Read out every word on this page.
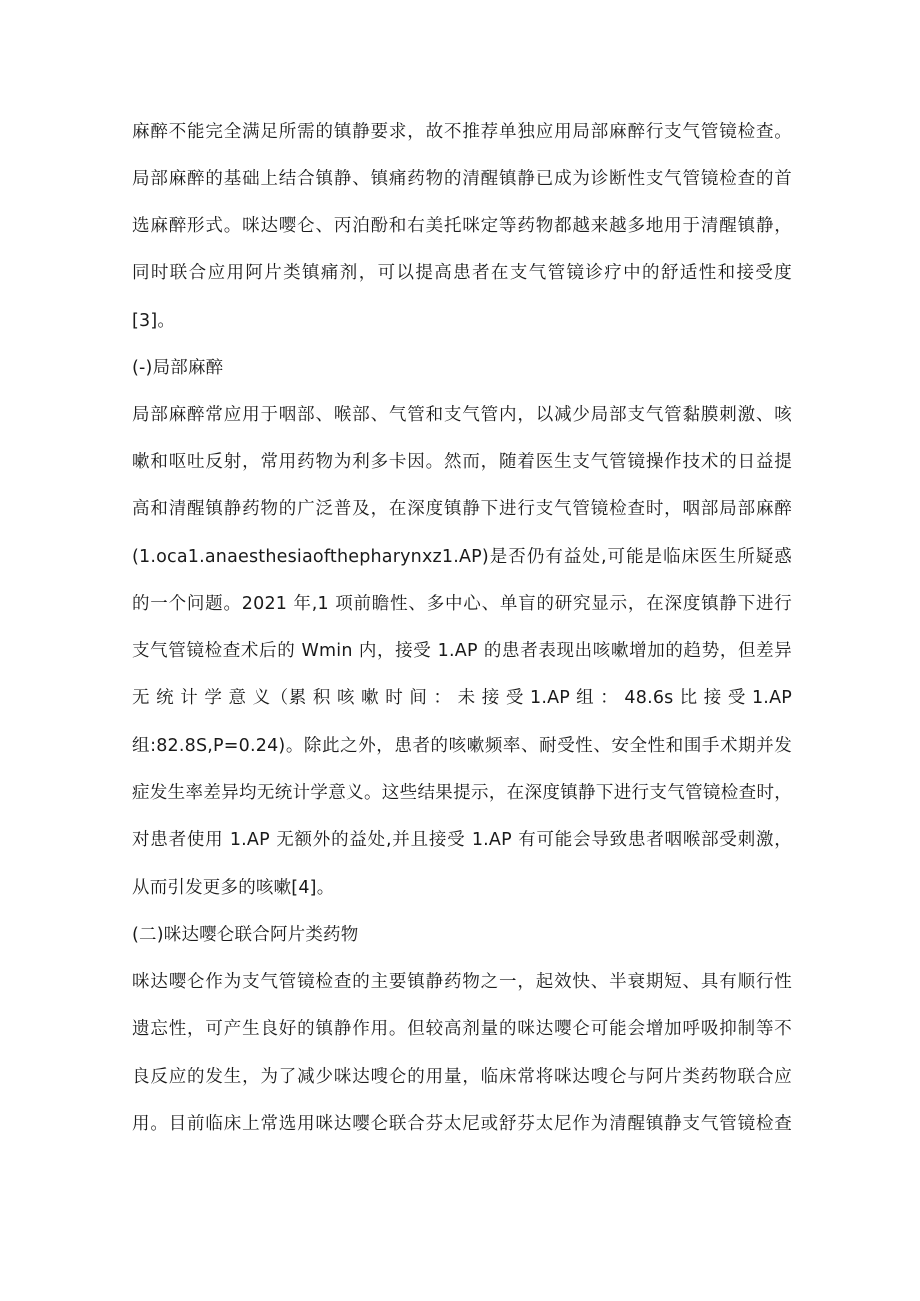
麻醉不能完全满足所需的镇静要求，故不推荐单独应用局部麻醉行支气管镜检查。
局部麻醉的基础上结合镇静、镇痛药物的清醒镇静已成为诊断性支气管镜检查的首
选麻醉形式。咪达嘤仑、丙泊酚和右美托咪定等药物都越来越多地用于清醒镇静，
同时联合应用阿片类镇痛剂，可以提高患者在支气管镜诊疗中的舒适性和接受度
[3]。
(-)局部麻醉
局部麻醉常应用于咽部、喉部、气管和支气管内，以减少局部支气管黏膜刺激、咳
嗽和呕吐反射，常用药物为利多卡因。然而，随着医生支气管镜操作技术的日益提
高和清醒镇静药物的广泛普及，在深度镇静下进行支气管镜检查时，咽部局部麻醉
(1.oca1.anaesthesiaofthepharynxz1.AP)是否仍有益处,可能是临床医生所疑惑
的一个问题。2021 年,1 项前瞻性、多中心、单盲的研究显示，在深度镇静下进行
支气管镜检查术后的 Wmin 内，接受 1.AP 的患者表现出咳嗽增加的趋势，但差异
无 统 计 学 意 义（累 积 咳 嗽 时 间 ： 未 接 受 1.AP 组 ： 48.6s 比 接 受 1.AP
组:82.8S,P=0.24)。除此之外，患者的咳嗽频率、耐受性、安全性和围手术期并发
症发生率差异均无统计学意义。这些结果提示，在深度镇静下进行支气管镜检查时，
对患者使用 1.AP 无额外的益处,并且接受 1.AP 有可能会导致患者咽喉部受刺激，
从而引发更多的咳嗽[4]。
(二)咪达嘤仑联合阿片类药物
咪达嘤仑作为支气管镜检查的主要镇静药物之一，起效快、半衰期短、具有顺行性
遗忘性，可产生良好的镇静作用。但较高剂量的咪达嘤仑可能会增加呼吸抑制等不
良反应的发生，为了减少咪达嗖仑的用量，临床常将咪达嗖仑与阿片类药物联合应
用。目前临床上常选用咪达嘤仑联合芬太尼或舒芬太尼作为清醒镇静支气管镜检查
